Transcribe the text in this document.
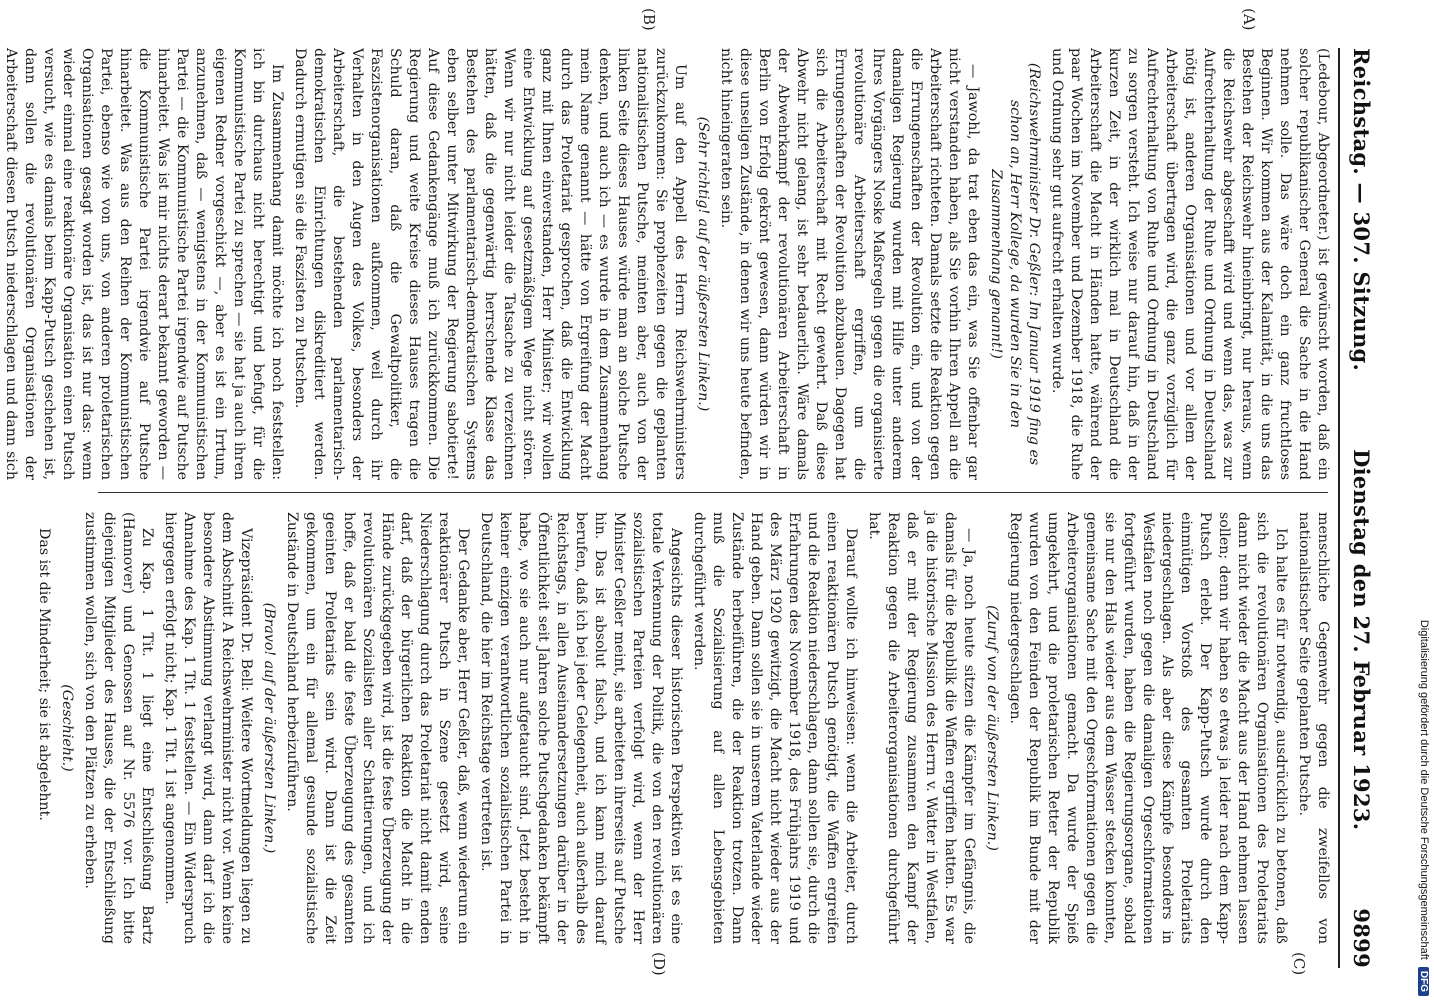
Reichstag. — 307. Sitzung.
Dienstag den 27. Februar 1923.
9899
(A)
(B)
(C)
(D)

(Ledebour, Abgeordneter.) ist gewünscht worden, daß ein solcher republikanischer General die Sache in die Hand nehmen solle. Das wäre doch ein ganz fruchtloses Beginnen. Wir kommen aus der Kalamität, in die uns das Bestehen der Reichswehr hineinbringt, nur heraus, wenn die Reichswehr abgeschafft wird und wenn das, was zur Aufrechterhaltung der Ruhe und Ordnung in Deutschland nötig ist, anderen Organisationen und vor allem der Arbeiterschaft übertragen wird, die ganz vorzüglich für Aufrechterhaltung von Ruhe und Ordnung in Deutschland zu sorgen versteht. Ich weise nur darauf hin, daß in der kurzen Zeit, in der wirklich mal in Deutschland die Arbeiterschaft die Macht in Händen hatte, während der paar Wochen im November und Dezember 1918, die Ruhe und Ordnung sehr gut aufrecht erhalten wurde.

(Reichswehrminister Dr. Geßler: Im Januar 1919 fing es schon an, Herr Kollege, da wurden Sie in den Zusammenhang genannt!)

— Jawohl, da trat eben das ein, was Sie offenbar gar nicht verstanden haben, als Sie vorhin Ihren Appell an die Arbeiterschaft richteten. Damals setzte die Reaktion gegen die Errungenschaften der Revolution ein, und von der damaligen Regierung wurden mit Hilfe unter anderem Ihres Vorgängers Noske Maßregeln gegen die organisierte revolutionäre Arbeiterschaft ergriffen, um die Errungenschaften der Revolution abzubauen. Dagegen hat sich die Arbeiterschaft mit Recht gewehrt. Daß diese Abwehr nicht gelang, ist sehr bedauerlich. Wäre damals der Abwehrkampf der revolutionären Arbeiterschaft in Berlin von Erfolg gekrönt gewesen, dann würden wir in diese unseligen Zustände, in denen wir uns heute befinden, nicht hineingeraten sein.

(Sehr richtig! auf der äußersten Linken.)

Um auf den Appell des Herrn Reichswehrministers zurückzukommen: Sie prophezeiten gegen die geplanten nationalistischen Putsche, meinten aber, auch von der linken Seite dieses Hauses würde man an solche Putsche denken, und auch ich — es wurde in dem Zusammenhang mein Name genannt — hätte von Ergreifung der Macht durch das Proletariat gesprochen, daß die Entwicklung ganz mit Ihnen einverstanden, Herr Minister; wir wollen eine Entwicklung auf gesetzmäßigem Wege nicht stören. Wenn wir nur nicht leider die Tatsache zu verzeichnen hätten, daß die gegenwärtig herrschende Klasse das Bestehen des parlamentarisch-demokratischen Systems eben selber unter Mitwirkung der Regierung sabotierte! Auf diese Gedankengänge muß ich zurückkommen. Die Regierung und weite Kreise dieses Hauses tragen die Schuld daran, daß die Gewaltpolitiker, die Faszistenorganisationen aufkommen, weil durch ihr Verhalten in den Augen des Volkes, besonders der Arbeiterschaft, die bestehenden parlamentarisch-demokratischen Einrichtungen diskreditiert werden. Dadurch ermutigen sie die Faszisten zu Putschen.

Im Zusammenhang damit möchte ich noch feststellen: ich bin durchaus nicht berechtigt und befugt, für die Kommunistische Partei zu sprechen — sie hat ja auch ihren eigenen Redner vorgeschickt —, aber es ist ein Irrtum, anzunehmen, daß — wenigstens in der Kommunistischen Partei — die Kommunistische Partei irgendwie auf Putsche hinarbeitet. Was ist mir nichts derart bekannt geworden — die Kommunistische Partei irgendwie auf Putsche hinarbeitet. Was aus den Reihen der Kommunistischen Partei, ebenso wie von uns, von anderen proletarischen Organisationen gesagt worden ist, das ist nur das: wenn wieder einmal eine reaktionäre Organisation einen Putsch versucht, wie es damals beim Kapp-Putsch geschehen ist, dann sollen die revolutionären Organisationen der Arbeiterschaft diesen Putsch niederschlagen und dann sich

menschliche Gegenwehr gegen die zweifellos von nationalistischer Seite geplanten Putsche.

Ich halte es für notwendig, ausdrücklich zu betonen, daß sich die revolutionären Organisationen des Proletariats dann nicht wieder die Macht aus der Hand nehmen lassen sollen; denn wir haben so etwas ja leider nach dem Kapp-Putsch erlebt. Der Kapp-Putsch wurde durch den einmütigen Vorstoß des gesamten Proletariats niedergeschlagen. Als aber diese Kämpfe besonders in Westfalen noch gegen die damaligen Orgeschformationen fortgeführt wurden, haben die Regierungsorgane, sobald sie nur den Hals wieder aus dem Wasser stecken konnten, gemeinsame Sache mit den Orgeschformationen gegen die Arbeiterorganisationen gemacht. Da wurde der Spieß umgekehrt, und die proletarischen Retter der Republik wurden von den Feinden der Republik im Bunde mit der Regierung niedergeschlagen.

(Zuruf von der äußersten Linken.)

— Ja, noch heute sitzen die Kämpfer im Gefängnis, die damals für die Republik die Waffen ergriffen hatten. Es war ja die historische Mission des Herrn v. Watter in Westfalen, daß er mit der Regierung zusammen den Kampf der Reaktion gegen die Arbeiterorganisationen durchgeführt hat.

Darauf wollte ich hinweisen: wenn die Arbeiter, durch einen reaktionären Putsch genötigt, die Waffen ergreifen und die Reaktion niederschlagen, dann sollen sie, durch die Erfahrungen des November 1918, des Frühjahrs 1919 und des März 1920 gewitzigt, die Macht nicht wieder aus der Hand geben. Dann sollen sie in unserem Vaterlande wieder Zustände herbeiführen, die der Reaktion trotzen. Dann muß die Sozialisierung auf allen Lebensgebieten durchgeführt werden.

Angesichts dieser historischen Perspektiven ist es eine totale Verkennung der Politik, die von den revolutionären sozialistischen Parteien verfolgt wird, wenn der Herr Minister Geßler meint, sie arbeiteten ihrerseits auf Putsche hin. Das ist absolut falsch, und ich kann mich darauf berufen, daß ich bei jeder Gelegenheit, auch außerhalb des Reichstags, in allen Auseinandersetzungen darüber in der Öffentlichkeit seit Jahren solche Putschgedanken bekämpft habe, wo sie auch nur aufgetaucht sind. Jetzt besteht in keiner einzigen verantwortlichen sozialistischen Partei in Deutschland, die hier im Reichstage vertreten ist.

Der Gedanke aber, Herr Geßler, daß, wenn wiederum ein reaktionärer Putsch in Szene gesetzt wird, seine Niederschlagung durch das Proletariat nicht damit enden darf, daß der bürgerlichen Reaktion die Macht in die Hände zurückgegeben wird, ist die feste Überzeugung der revolutionären Sozialisten aller Schattierungen, und ich hoffe, daß er bald die feste Überzeugung des gesamten geeinten Proletariats sein wird. Dann ist die Zeit gekommen, um ein für allemal gesunde sozialistische Zustände in Deutschland herbeizuführen.

(Bravo! auf der äußersten Linken.)

Vizepräsident Dr. Bell: Weitere Wortmeldungen liegen zu dem Abschnitt A Reichswehrminister nicht vor. Wenn keine besondere Abstimmung verlangt wird, dann darf ich die Annahme des Kap. 1 Tit. 1 feststellen. — Ein Widerspruch hiergegen erfolgt nicht; Kap. 1 Tit. 1 ist angenommen.

Zu Kap. 1 Tit. 1 liegt eine Entschließung Bartz (Hannover) und Genossen auf Nr. 5576 vor. Ich bitte diejenigen Mitglieder des Hauses, die der Entschließung zustimmen wollen, sich von den Plätzen zu erheben.

(Geschieht.)

Das ist die Minderheit; sie ist abgelehnt.	Digitalisierung gefördert durch die Deutsche Forschungsgemeinschaft DFG
